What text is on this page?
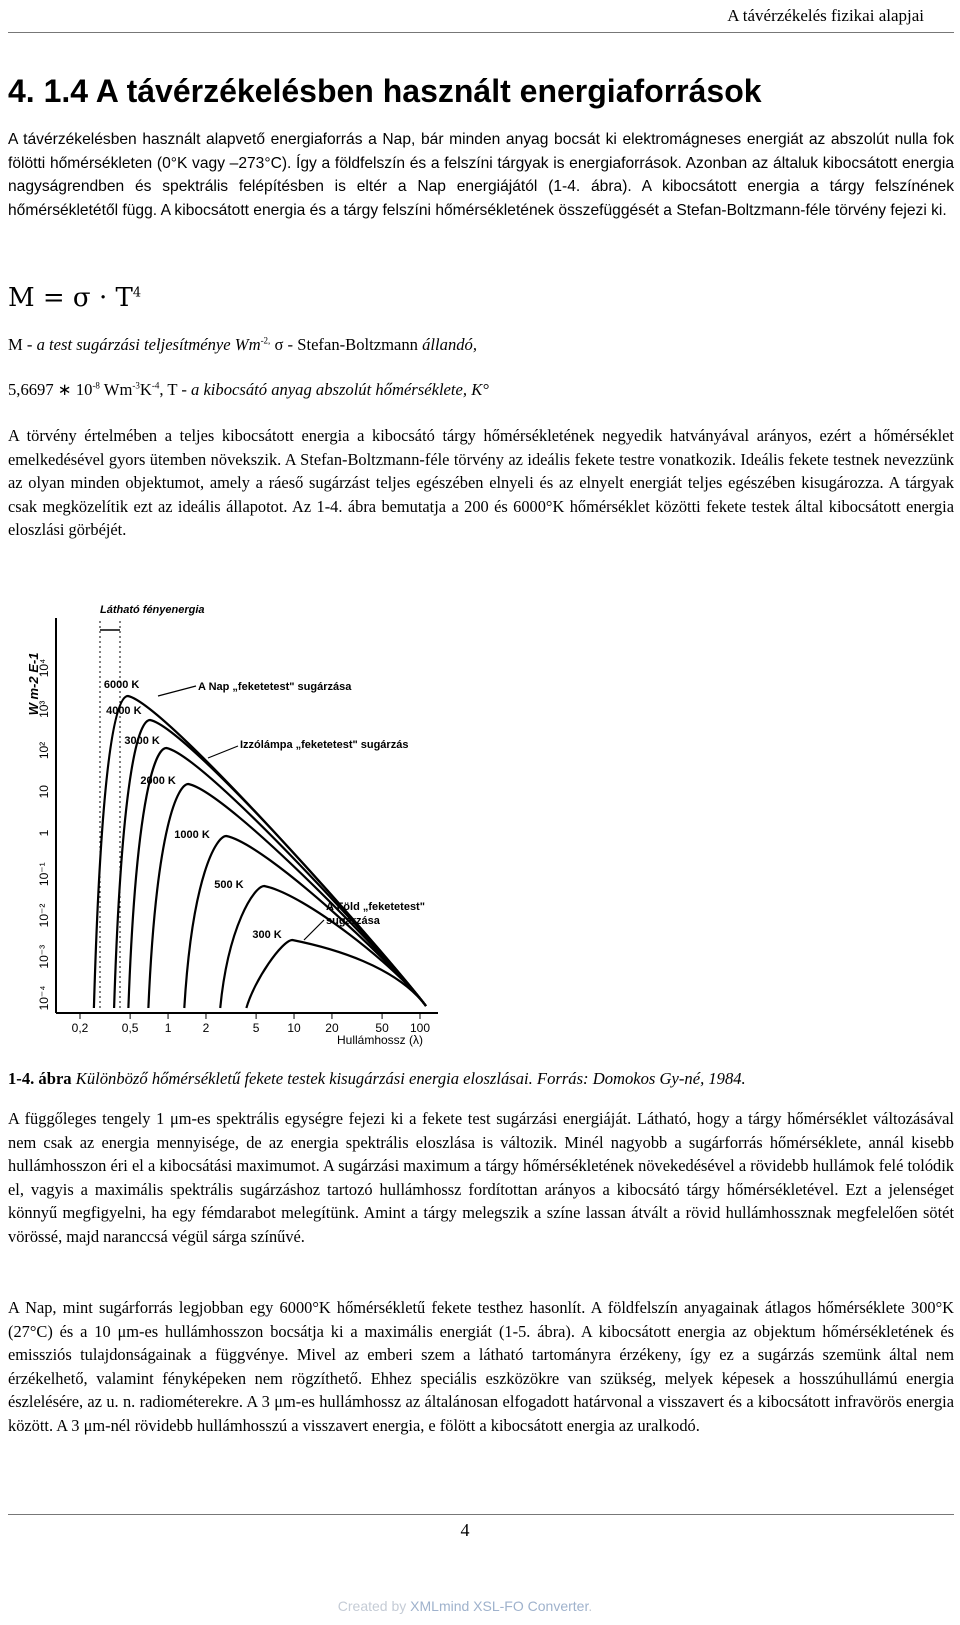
A távérzékelés fizikai alapjai
4. 1.4 A távérzékelésben használt energiaforrások

A távérzékelésben használt alapvető energiaforrás a Nap, bár minden anyag bocsát ki elektromágneses energiát az abszolút nulla fok fölötti hőmérsékleten (0°K vagy –273°C). Így a földfelszín és a felszíni tárgyak is energiaforrások. Azonban az általuk kibocsátott energia nagyságrendben és spektrális felépítésben is eltér a Nap energiájától (1-4. ábra). A kibocsátott energia a tárgy felszínének hőmérsékletétől függ. A kibocsátott energia és a tárgy felszíni hőmérsékletének összefüggését a Stefan-Boltzmann-féle törvény fejezi ki.

$M = \sigma \cdot T^4$

M - a test sugárzási teljesítménye $Wm^{-2,}$ σ - Stefan-Boltzmann állandó,

5,6697 ∗ $10^{-8}$ $Wm^{-3}K^{-4}$, T - a kibocsátó anyag abszolút hőmérséklete, K°

A törvény értelmében a teljes kibocsátott energia a kibocsátó tárgy hőmérsékletének negyedik hatványával arányos, ezért a hőmérséklet emelkedésével gyors ütemben növekszik. A Stefan-Boltzmann-féle törvény az ideális fekete testre vonatkozik. Ideális fekete testnek nevezzünk az olyan minden objektumot, amely a ráeső sugárzást teljes egészében elnyeli és az elnyelt energiát teljes egészében kisugározza. A tárgyak csak megközelítik ezt az ideális állapotot. Az 1-4. ábra bemutatja a 200 és 6000°K hőmérséklet közötti fekete testek által kibocsátott energia eloszlási görbéjét.

W m-2 E-1
10⁴
10³
10²
10
1
10⁻¹
10⁻²
10⁻³
10⁻⁴
0,2	0,5 1	2	5 10 20	50 100
Látható fényenergia
6000 K
4000 K
3000 K
2000 K
1000 K
500 K
300 K
A Nap „feketetest" sugárzása
Izzólámpa „feketetest" sugárzás
A Föld „feketetest"
sugárzása
Hullámhossz (λ)

1-4. ábra Különböző hőmérsékletű fekete testek kisugárzási energia eloszlásai. Forrás: Domokos Gy-né, 1984.

A függőleges tengely 1 μm-es spektrális egységre fejezi ki a fekete test sugárzási energiáját. Látható, hogy a tárgy hőmérséklet változásával nem csak az energia mennyisége, de az energia spektrális eloszlása is változik. Minél nagyobb a sugárforrás hőmérséklete, annál kisebb hullámhosszon éri el a kibocsátási maximumot. A sugárzási maximum a tárgy hőmérsékletének növekedésével a rövidebb hullámok felé tolódik el, vagyis a maximális spektrális sugárzáshoz tartozó hullámhossz fordítottan arányos a kibocsátó tárgy hőmérsékletével. Ezt a jelenséget könnyű megfigyelni, ha egy fémdarabot melegítünk. Amint a tárgy melegszik a színe lassan átvált a rövid hullámhossznak megfelelően sötét vörössé, majd naranccsá végül sárga színűvé.

A Nap, mint sugárforrás legjobban egy 6000°K hőmérsékletű fekete testhez hasonlít. A földfelszín anyagainak átlagos hőmérséklete 300°K (27°C) és a 10 μm-es hullámhosszon bocsátja ki a maximális energiát (1-5. ábra). A kibocsátott energia az objektum hőmérsékletének és emissziós tulajdonságainak a függvénye. Mivel az emberi szem a látható tartományra érzékeny, így ez a sugárzás szemünk által nem érzékelhető, valamint fényképeken nem rögzíthető. Ehhez speciális eszközökre van szükség, melyek képesek a hosszúhullámú energia észlelésére, az u. n. radiométerekre. A 3 μm-es hullámhossz az általánosan elfogadott határvonal a visszavert és a kibocsátott infravörös energia között. A 3 μm-nél rövidebb hullámhosszú a visszavert energia, e fölött a kibocsátott energia az uralkodó.

4
Created by XMLmind XSL-FO Converter.
